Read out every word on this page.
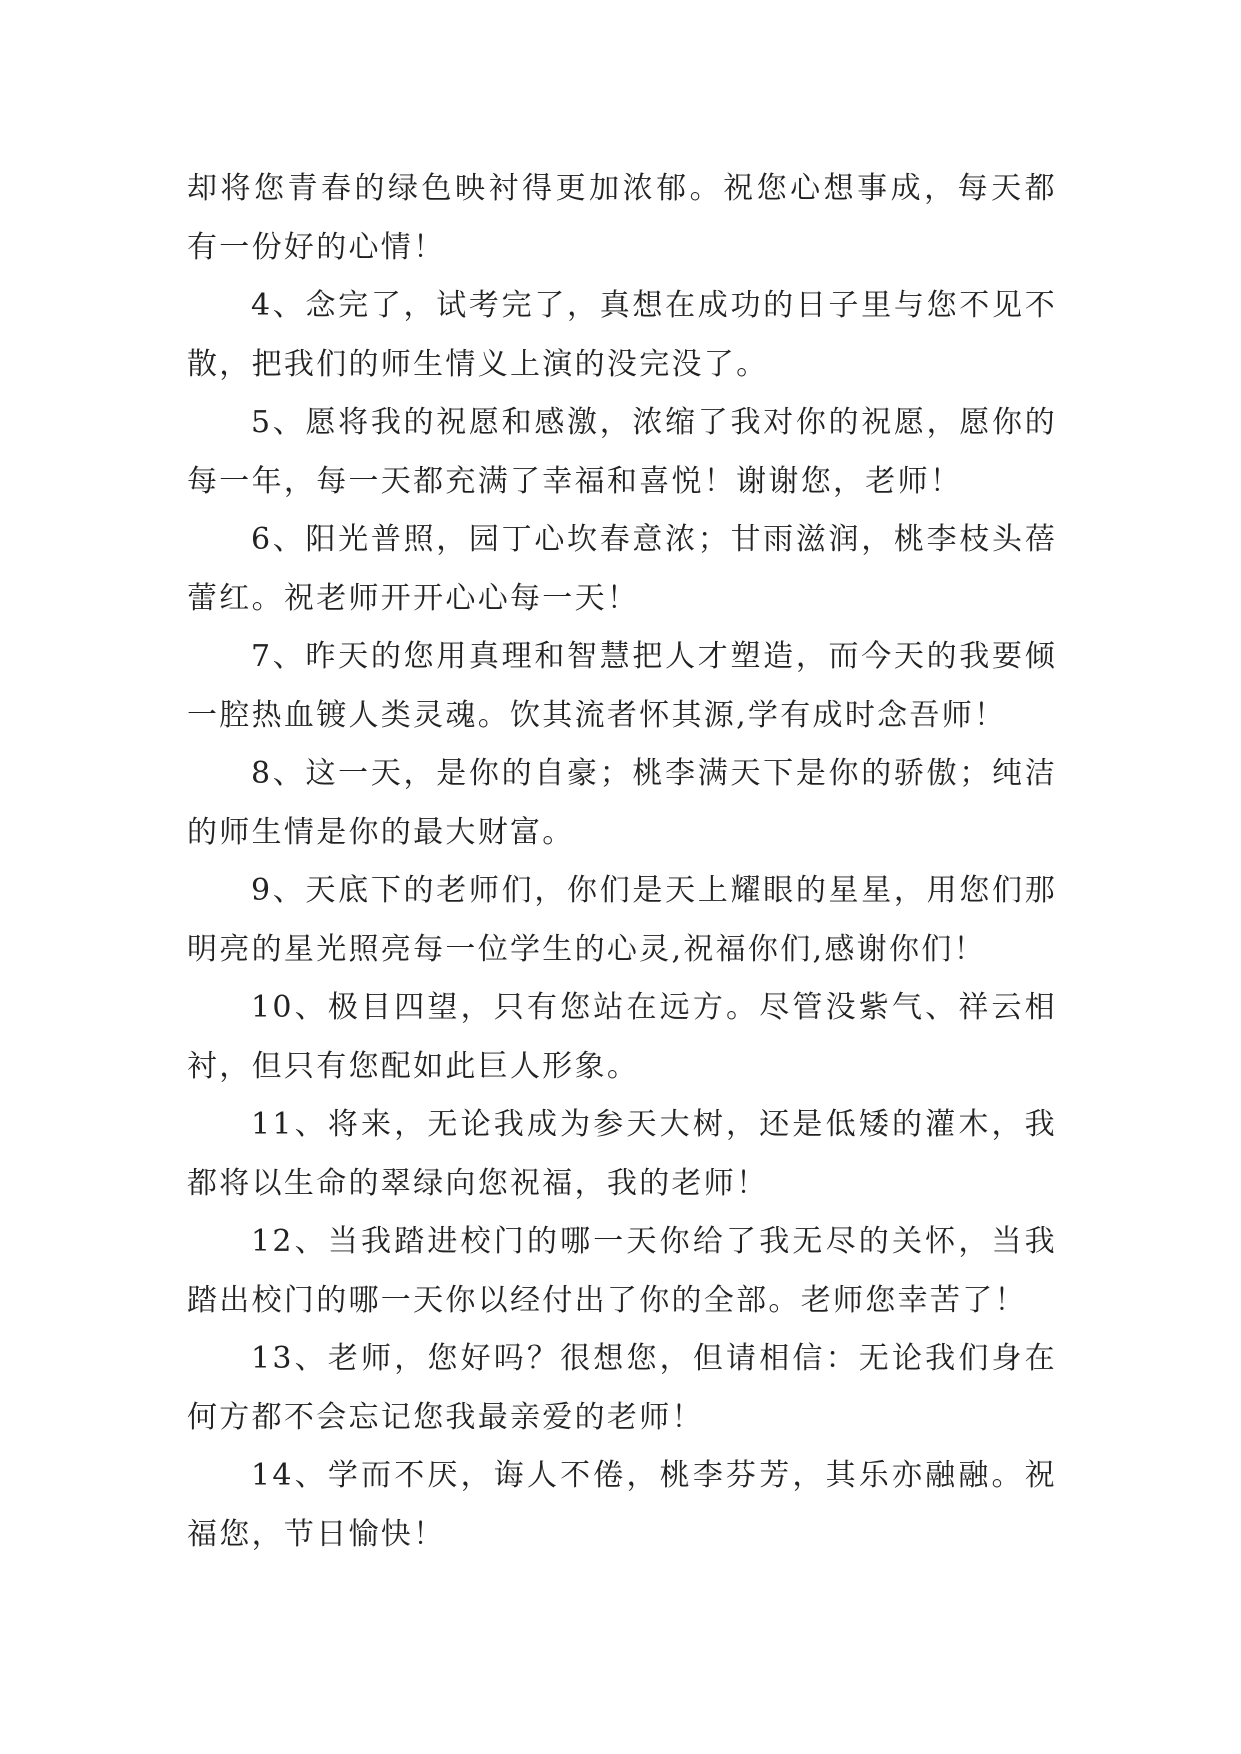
却将您青春的绿色映衬得更加浓郁。祝您心想事成，每天都有一份好的心情！

4、念完了，试考完了，真想在成功的日子里与您不见不散，把我们的师生情义上演的没完没了。

5、愿将我的祝愿和感激，浓缩了我对你的祝愿，愿你的每一年，每一天都充满了幸福和喜悦！谢谢您，老师！

6、阳光普照，园丁心坎春意浓；甘雨滋润，桃李枝头蓓蕾红。祝老师开开心心每一天！

7、昨天的您用真理和智慧把人才塑造，而今天的我要倾一腔热血镀人类灵魂。饮其流者怀其源,学有成时念吾师！

8、这一天，是你的自豪；桃李满天下是你的骄傲；纯洁的师生情是你的最大财富。

9、天底下的老师们，你们是天上耀眼的星星，用您们那明亮的星光照亮每一位学生的心灵,祝福你们,感谢你们！

10、极目四望，只有您站在远方。尽管没紫气、祥云相衬，但只有您配如此巨人形象。

11、将来，无论我成为参天大树，还是低矮的灌木，我都将以生命的翠绿向您祝福，我的老师！

12、当我踏进校门的哪一天你给了我无尽的关怀，当我踏出校门的哪一天你以经付出了你的全部。老师您幸苦了！

13、老师，您好吗？很想您，但请相信：无论我们身在何方都不会忘记您我最亲爱的老师！

14、学而不厌，诲人不倦，桃李芬芳，其乐亦融融。祝福您，节日愉快！
